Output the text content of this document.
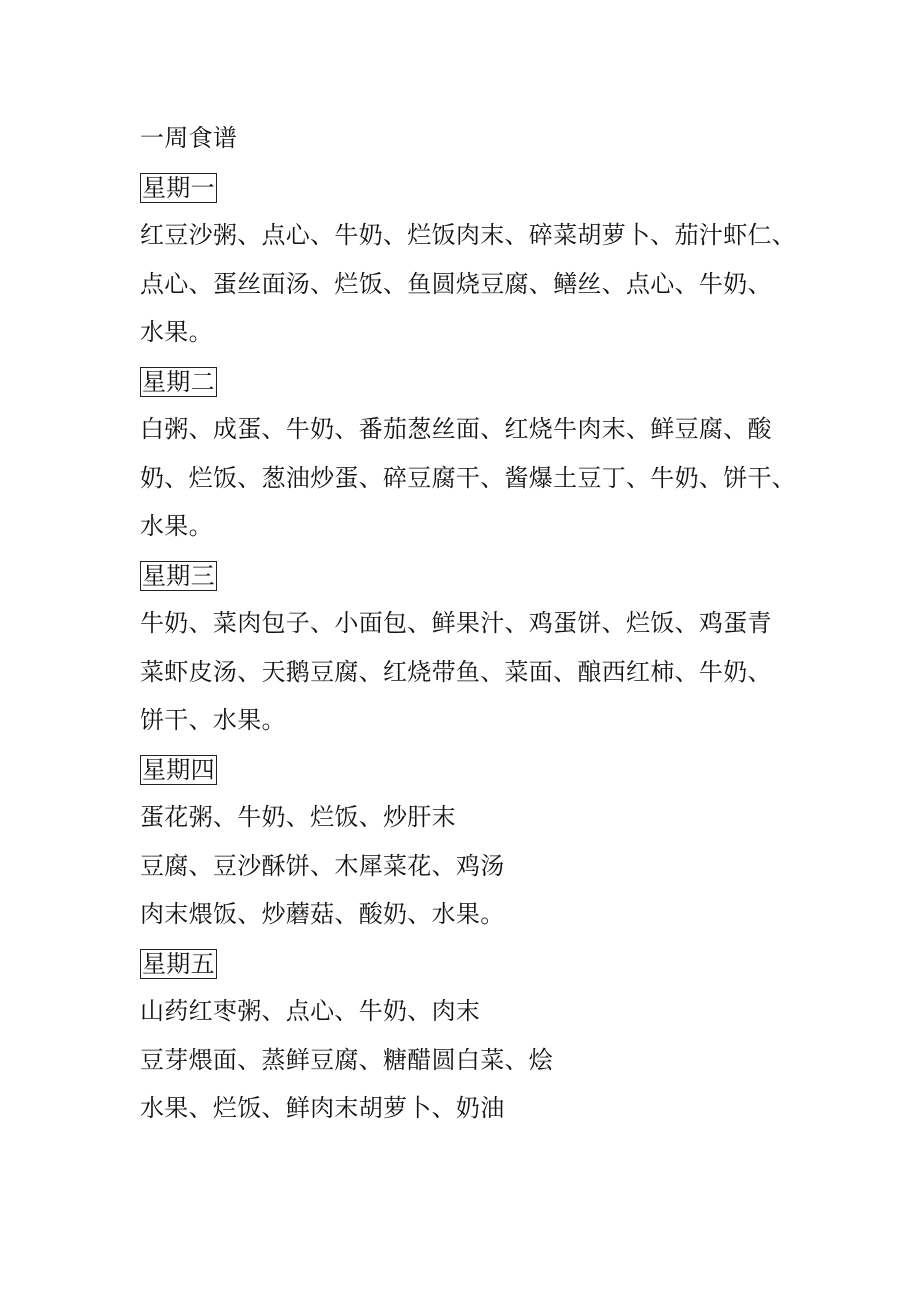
一周食谱
星期一
红豆沙粥、点心、牛奶、烂饭肉末、碎菜胡萝卜、茄汁虾仁、
点心、蛋丝面汤、烂饭、鱼圆烧豆腐、鳝丝、点心、牛奶、
水果。
星期二
白粥、成蛋、牛奶、番茄葱丝面、红烧牛肉末、鲜豆腐、酸
奶、烂饭、葱油炒蛋、碎豆腐干、酱爆土豆丁、牛奶、饼干、
水果。
星期三
牛奶、菜肉包子、小面包、鲜果汁、鸡蛋饼、烂饭、鸡蛋青
菜虾皮汤、天鹅豆腐、红烧带鱼、菜面、酿西红柿、牛奶、
饼干、水果。
星期四
蛋花粥、牛奶、烂饭、炒肝末
豆腐、豆沙酥饼、木犀菜花、鸡汤
肉末煨饭、炒蘑菇、酸奶、水果。
星期五
山药红枣粥、点心、牛奶、肉末
豆芽煨面、蒸鲜豆腐、糖醋圆白菜、烩
水果、烂饭、鲜肉末胡萝卜、奶油
